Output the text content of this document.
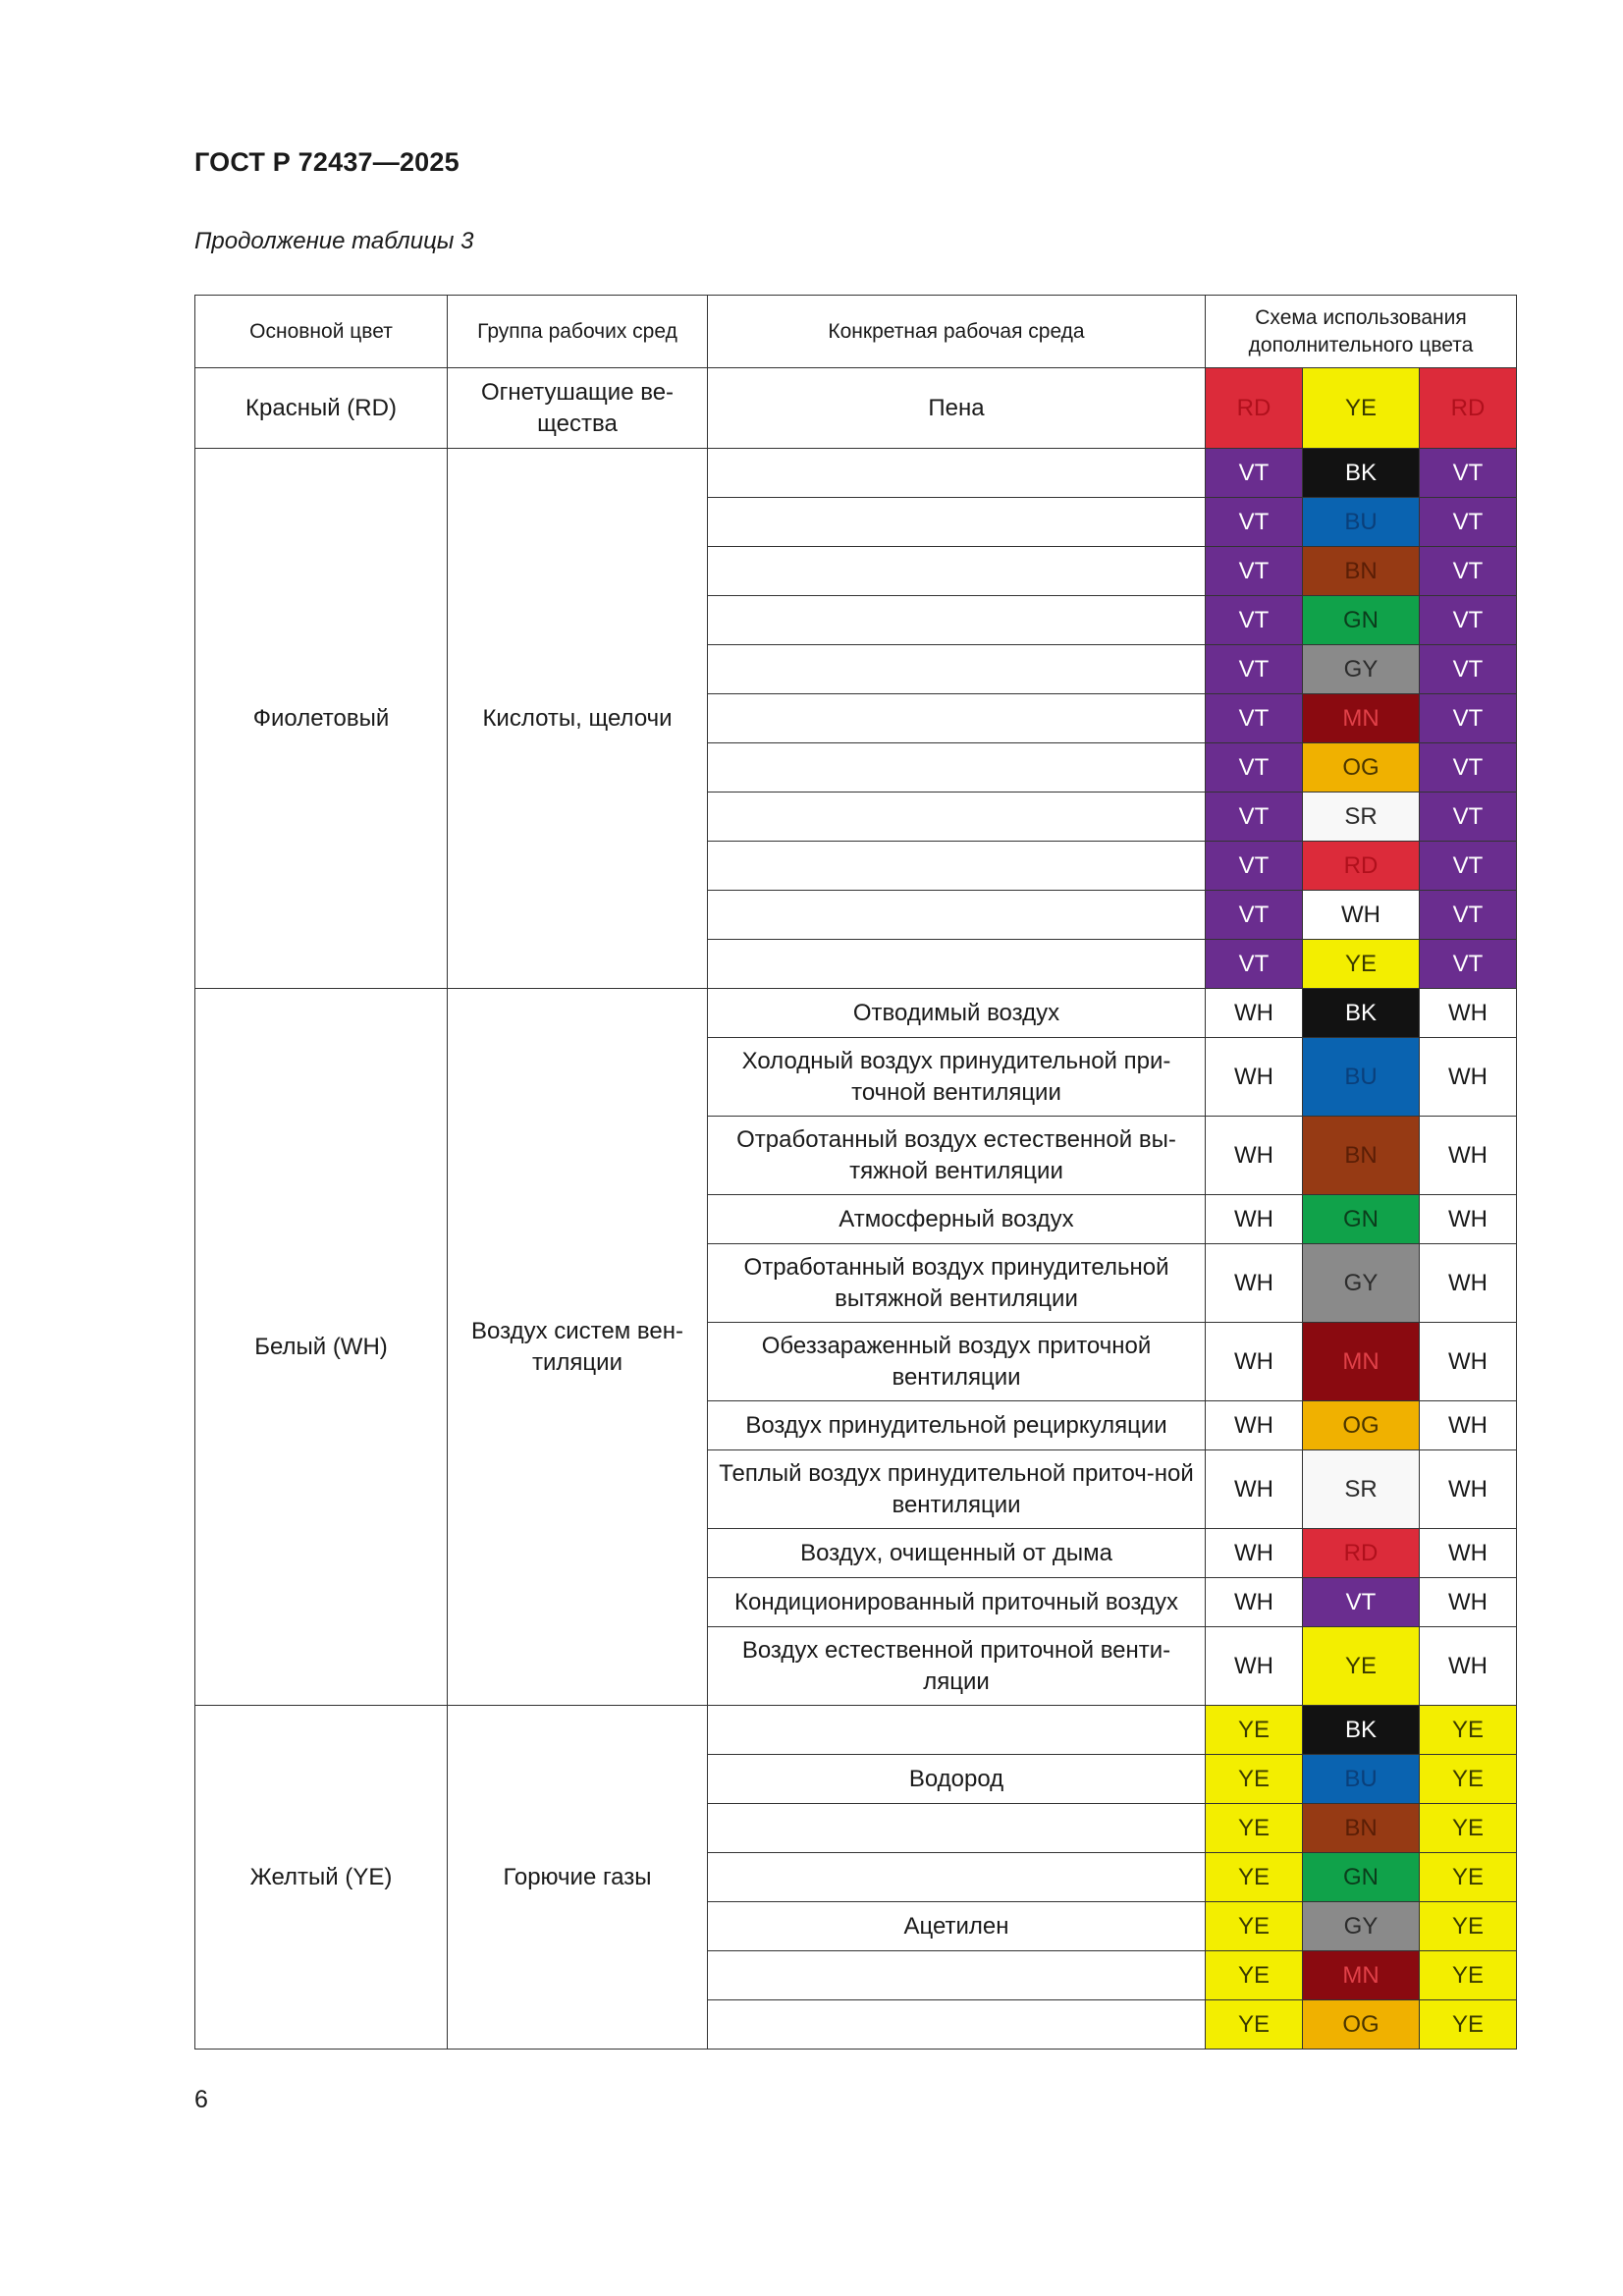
ГОСТ Р 72437—2025
Продолжение таблицы 3
Основной цвет	Группа рабочих сред	Конкретная рабочая среда	Схема использования дополнительного цвета		
Красный (RD)	Огнетушащие ве-щества	Пена	RD	YE	RD
Фиолетовый	Кислоты, щелочи		VT	BK	VT
			VT	BU	VT
			VT	BN	VT
			VT	GN	VT
			VT	GY	VT
			VT	MN	VT
			VT	OG	VT
			VT	SR	VT
			VT	RD	VT
			VT	WH	VT
			VT	YE	VT
Белый (WH)	Воздух систем вен-тиляции	Отводимый воздух	WH	BK	WH
		Холодный воздух принудительной при-точной вентиляции	WH	BU	WH
		Отработанный воздух естественной вы-тяжной вентиляции	WH	BN	WH
		Атмосферный воздух	WH	GN	WH
		Отработанный воздух принудительной вытяжной вентиляции	WH	GY	WH
		Обеззараженный воздух приточной вентиляции	WH	MN	WH
		Воздух принудительной рециркуляции	WH	OG	WH
		Теплый воздух принудительной приточ-ной вентиляции	WH	SR	WH
		Воздух, очищенный от дыма	WH	RD	WH
		Кондиционированный приточный воздух	WH	VT	WH
		Воздух естественной приточной венти-ляции	WH	YE	WH
Желтый (YE)	Горючие газы		YE	BK	YE
		Водород	YE	BU	YE
			YE	BN	YE
			YE	GN	YE
		Ацетилен	YE	GY	YE
			YE	MN	YE
			YE	OG	YE
6
